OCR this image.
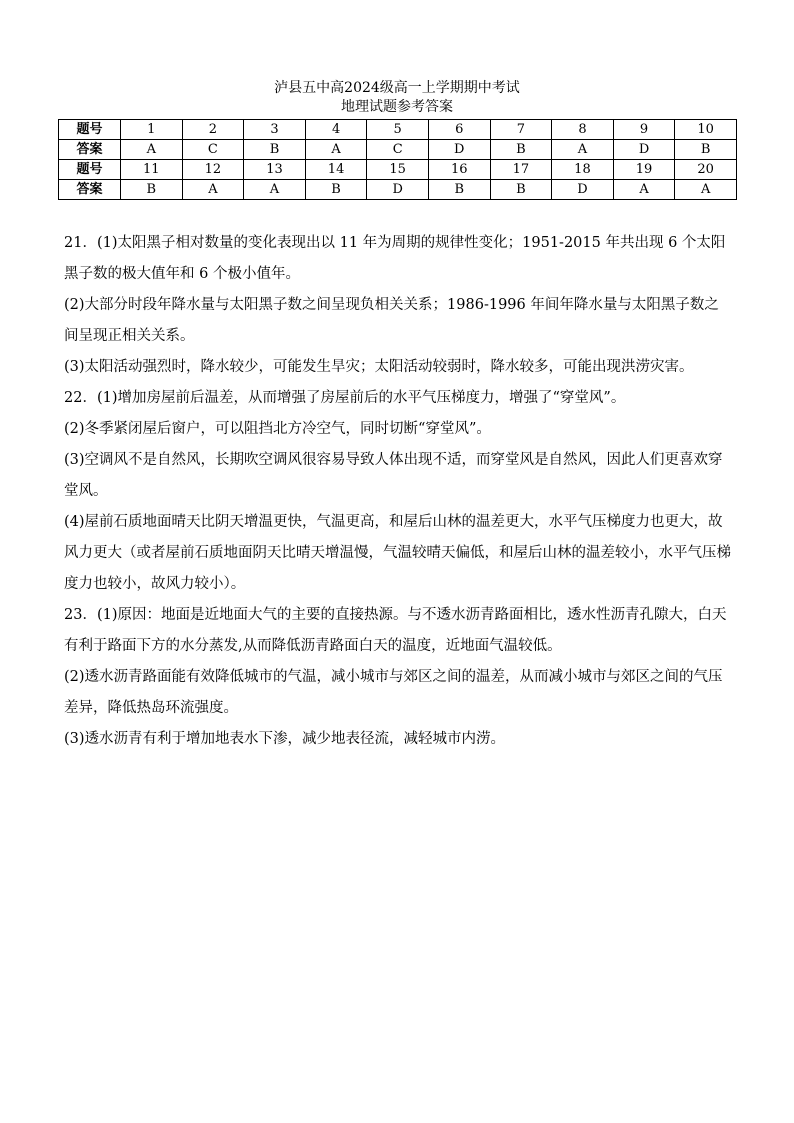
泸县五中高2024级高一上学期期中考试
地理试题参考答案
题号	1	2	3	4	5	6	7	8	9	10
答案	A	C	B	A	C	D	B	A	D	B
题号	11	12	13	14	15	16	17	18	19	20
答案	B	A	A	B	D	B	B	D	A	A

21．(1)太阳黑子相对数量的变化表现出以 11 年为周期的规律性变化；1951-2015 年共出现 6 个太阳黑子数的极大值年和 6 个极小值年。

(2)大部分时段年降水量与太阳黑子数之间呈现负相关关系；1986-1996 年间年降水量与太阳黑子数之间呈现正相关关系。

(3)太阳活动强烈时，降水较少，可能发生旱灾；太阳活动较弱时，降水较多，可能出现洪涝灾害。

22．(1)增加房屋前后温差，从而增强了房屋前后的水平气压梯度力，增强了“穿堂风”。

(2)冬季紧闭屋后窗户，可以阻挡北方冷空气，同时切断“穿堂风”。

(3)空调风不是自然风，长期吹空调风很容易导致人体出现不适，而穿堂风是自然风，因此人们更喜欢穿堂风。

(4)屋前石质地面晴天比阴天增温更快，气温更高，和屋后山林的温差更大，水平气压梯度力也更大，故风力更大（或者屋前石质地面阴天比晴天增温慢，气温较晴天偏低，和屋后山林的温差较小，水平气压梯度力也较小，故风力较小）。

23．(1)原因：地面是近地面大气的主要的直接热源。与不透水沥青路面相比，透水性沥青孔隙大，白天有利于路面下方的水分蒸发,从而降低沥青路面白天的温度，近地面气温较低。

(2)透水沥青路面能有效降低城市的气温，减小城市与郊区之间的温差，从而减小城市与郊区之间的气压差异，降低热岛环流强度。

(3)透水沥青有利于增加地表水下渗，减少地表径流，减轻城市内涝。
